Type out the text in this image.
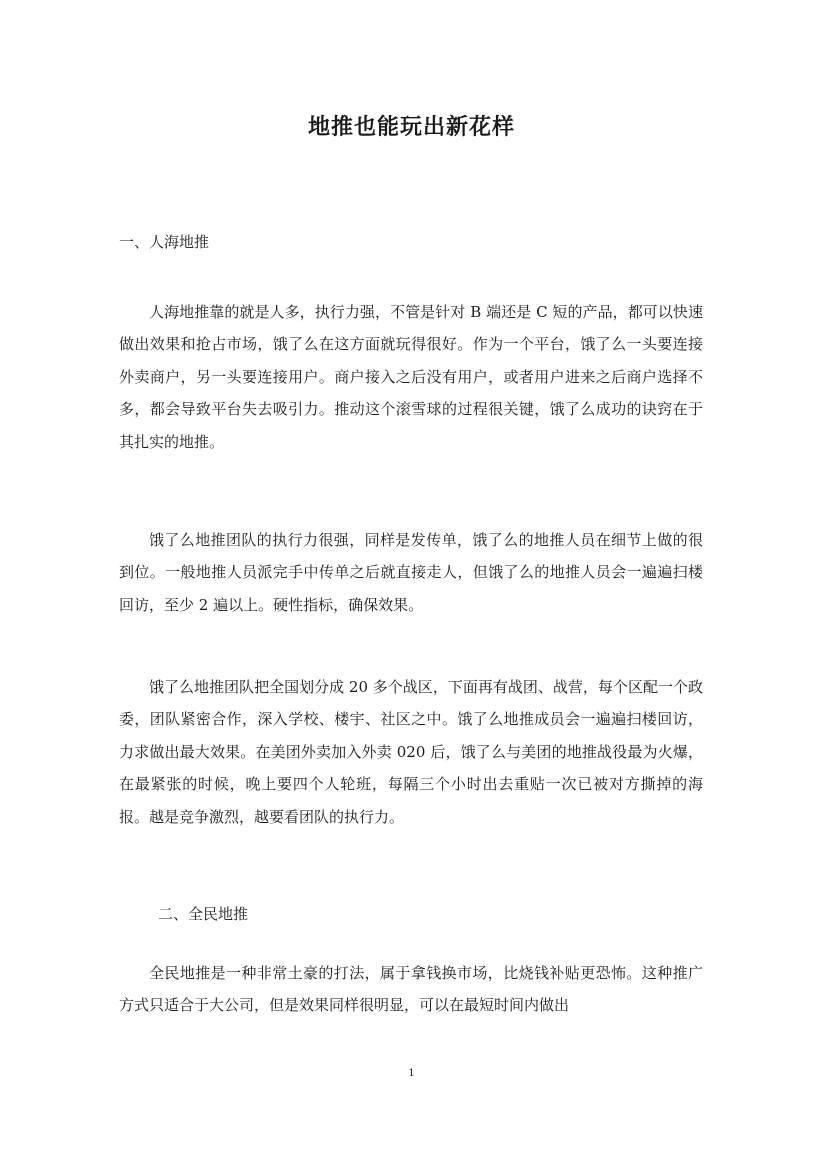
地推也能玩出新花样

一、人海地推

人海地推靠的就是人多，执行力强，不管是针对 B 端还是 C 短的产品，都可以快速做出效果和抢占市场，饿了么在这方面就玩得很好。作为一个平台，饿了么一头要连接外卖商户，另一头要连接用户。商户接入之后没有用户，或者用户进来之后商户选择不多，都会导致平台失去吸引力。推动这个滚雪球的过程很关键，饿了么成功的诀窍在于其扎实的地推。

饿了么地推团队的执行力很强，同样是发传单，饿了么的地推人员在细节上做的很到位。一般地推人员派完手中传单之后就直接走人，但饿了么的地推人员会一遍遍扫楼回访，至少 2 遍以上。硬性指标，确保效果。

饿了么地推团队把全国划分成 20 多个战区，下面再有战团、战营，每个区配一个政委，团队紧密合作，深入学校、楼宇、社区之中。饿了么地推成员会一遍遍扫楼回访，力求做出最大效果。在美团外卖加入外卖 020 后，饿了么与美团的地推战役最为火爆，在最紧张的时候，晚上要四个人轮班，每隔三个小时出去重贴一次已被对方撕掉的海报。越是竞争激烈，越要看团队的执行力。

二、全民地推

全民地推是一种非常土豪的打法，属于拿钱换市场，比烧钱补贴更恐怖。这种推广方式只适合于大公司，但是效果同样很明显，可以在最短时间内做出

1
